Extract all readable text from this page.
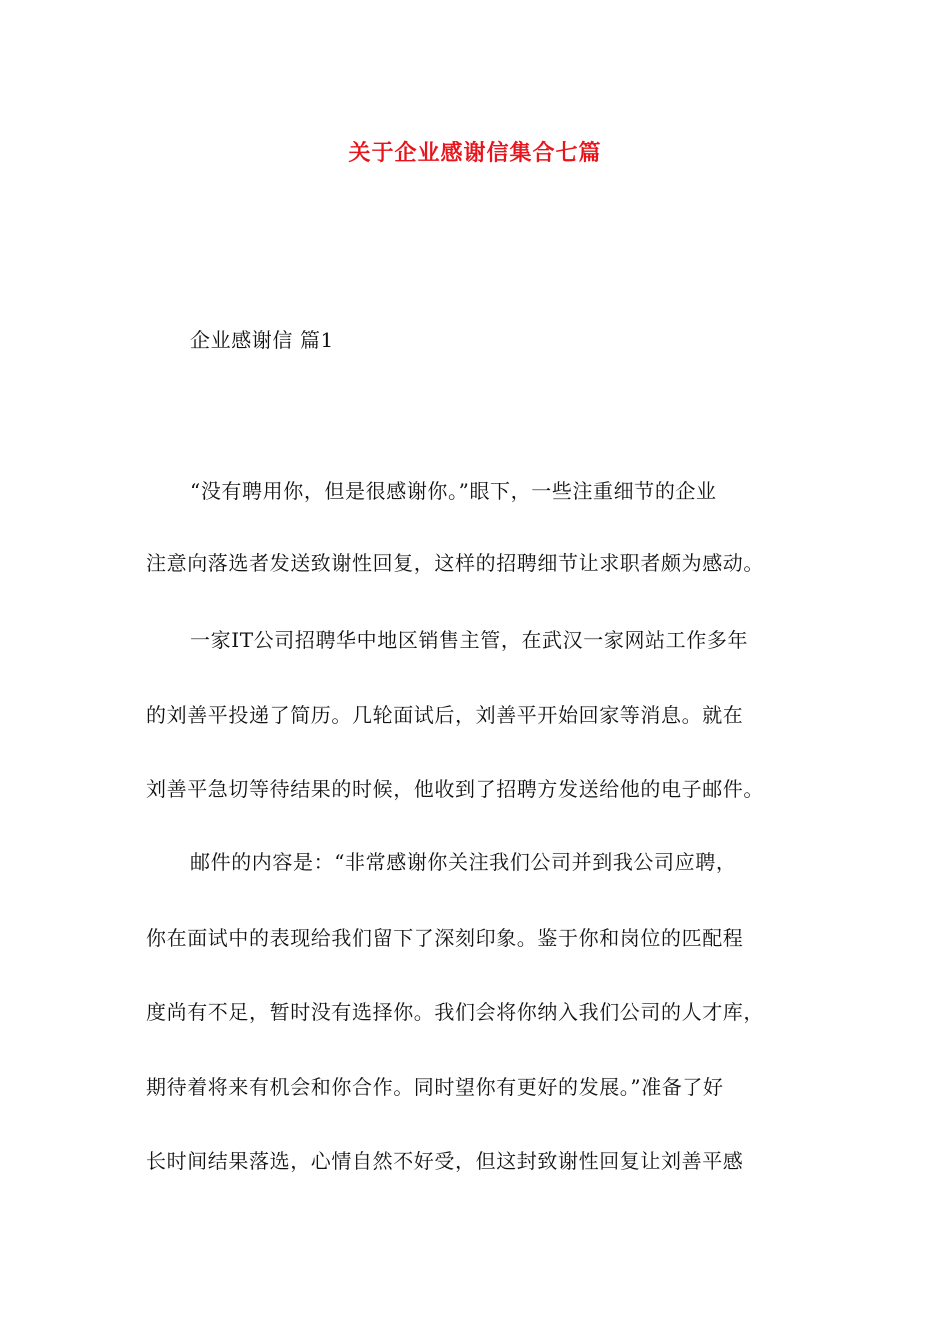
关于企业感谢信集合七篇
企业感谢信 篇1
“没有聘用你，但是很感谢你。”眼下，一些注重细节的企业
注意向落选者发送致谢性回复，这样的招聘细节让求职者颇为感动。
一家IT公司招聘华中地区销售主管，在武汉一家网站工作多年
的刘善平投递了简历。几轮面试后，刘善平开始回家等消息。就在
刘善平急切等待结果的时候，他收到了招聘方发送给他的电子邮件。
邮件的内容是：“非常感谢你关注我们公司并到我公司应聘，
你在面试中的表现给我们留下了深刻印象。鉴于你和岗位的匹配程
度尚有不足，暂时没有选择你。我们会将你纳入我们公司的人才库，
期待着将来有机会和你合作。同时望你有更好的发展。”准备了好
长时间结果落选，心情自然不好受，但这封致谢性回复让刘善平感
